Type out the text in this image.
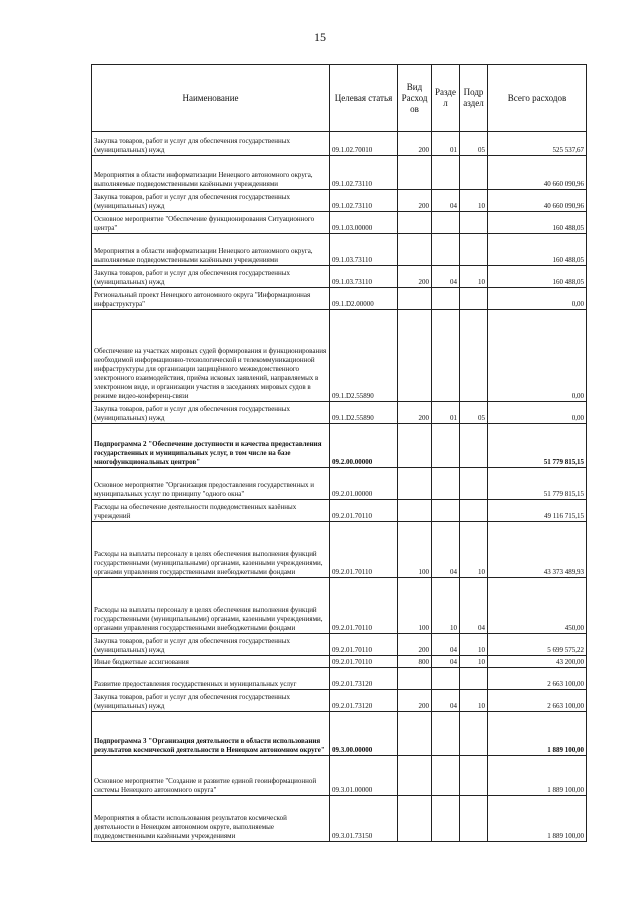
15
Наименование	Целевая статья	Вид Расход ов	Разде л	Подр аздел	Всего расходов
Закупка товаров, работ и услуг для обеспечения государственных (муниципальных) нужд	09.1.02.70010	200	01	05	525 537,67
Мероприятия в области информатизации Ненецкого автономного округа, выполняемые подведомственными казёнными учреждениями	09.1.02.73110				40 660 090,96
Закупка товаров, работ и услуг для обеспечения государственных (муниципальных) нужд	09.1.02.73110	200	04	10	40 660 090,96
Основное мероприятие "Обеспечение функционирования Ситуационного центра"	09.1.03.00000				160 488,05
Мероприятия в области информатизации Ненецкого автономного округа, выполняемые подведомственными казёнными учреждениями	09.1.03.73110				160 488,05
Закупка товаров, работ и услуг для обеспечения государственных (муниципальных) нужд	09.1.03.73110	200	04	10	160 488,05
Региональный проект Ненецкого автономного округа "Информационная инфраструктура"	09.1.D2.00000				0,00
Обеспечение на участках мировых судей формирования и функционирования необходимой информационно-технологической и телекоммуникационной инфраструктуры для организации защищённого межведомственного электронного взаимодействия, приёма исковых заявлений, направляемых в электронном виде, и организации участия в заседаниях мировых судов в режиме видео-конференц-связи	09.1.D2.55890				0,00
Закупка товаров, работ и услуг для обеспечения государственных (муниципальных) нужд	09.1.D2.55890	200	01	05	0,00
Подпрограмма 2 "Обеспечение доступности и качества предоставления государственных и муниципальных услуг, в том числе на базе многофункциональных центров"	09.2.00.00000				51 779 815,15
Основное мероприятие "Организация предоставления государственных и муниципальных услуг по принципу "одного окна"	09.2.01.00000				51 779 815,15
Расходы на обеспечение деятельности подведомственных казённых учреждений	09.2.01.70110				49 116 715,15
Расходы на выплаты персоналу в целях обеспечения выполнения функций государственными (муниципальными) органами, казенными учреждениями, органами управления государственными внебюджетными фондами	09.2.01.70110	100	04	10	43 373 489,93
Расходы на выплаты персоналу в целях обеспечения выполнения функций государственными (муниципальными) органами, казенными учреждениями, органами управления государственными внебюджетными фондами	09.2.01.70110	100	10	04	450,00
Закупка товаров, работ и услуг для обеспечения государственных (муниципальных) нужд	09.2.01.70110	200	04	10	5 699 575,22
Иные бюджетные ассигнования	09.2.01.70110	800	04	10	43 200,00
Развитие предоставления государственных и муниципальных услуг	09.2.01.73120				2 663 100,00
Закупка товаров, работ и услуг для обеспечения государственных (муниципальных) нужд	09.2.01.73120	200	04	10	2 663 100,00
Подпрограмма 3 "Организация деятельности в области использования результатов космической деятельности в Ненецком автономном округе"	09.3.00.00000				1 889 100,00
Основное мероприятие "Создание и развитие единой геоинформационной системы Ненецкого автономного округа"	09.3.01.00000				1 889 100,00
Мероприятия в области использования результатов космической деятельности в Ненецком автономном округе, выполняемые подведомственными казёнными учреждениями	09.3.01.73150				1 889 100,00
